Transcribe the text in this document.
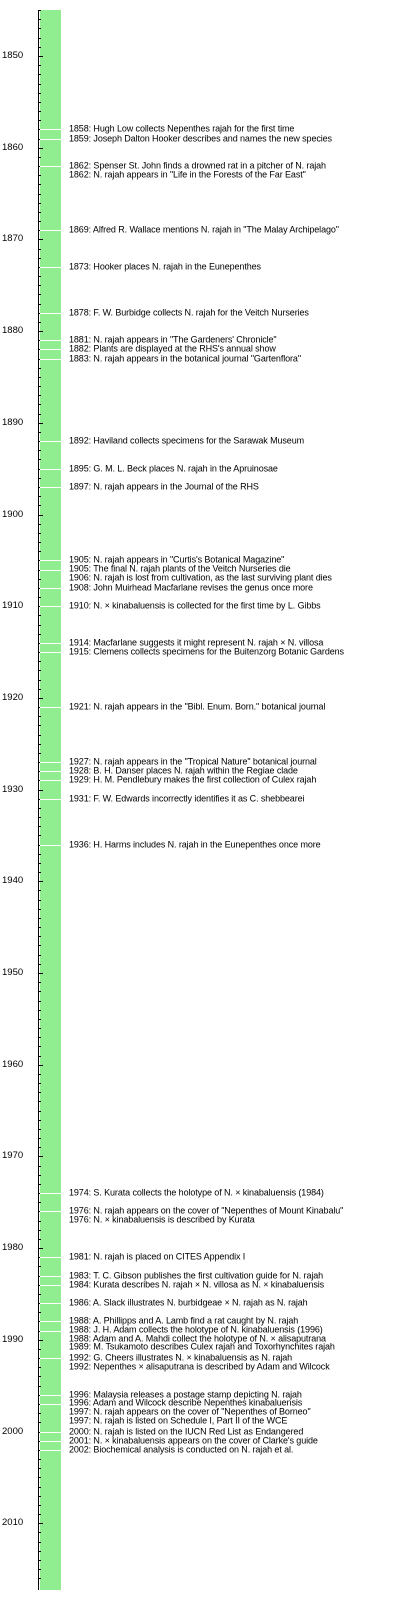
1850
1860
1870
1880
1890
1900
1910
1920
1930
1940
1950
1960
1970
1980
1990
2000
2010
1858: Hugh Low collects Nepenthes rajah for the first time
1859: Joseph Dalton Hooker describes and names the new species
1862: Spenser St. John finds a drowned rat in a pitcher of N. rajah
1862: N. rajah appears in "Life in the Forests of the Far East"
1869: Alfred R. Wallace mentions N. rajah in "The Malay Archipelago"
1873: Hooker places N. rajah in the Eunepenthes
1878: F. W. Burbidge collects N. rajah for the Veitch Nurseries
1881: N. rajah appears in "The Gardeners' Chronicle"
1882: Plants are displayed at the RHS's annual show
1883: N. rajah appears in the botanical journal "Gartenflora"
1892: Haviland collects specimens for the Sarawak Museum
1895: G. M. L. Beck places N. rajah in the Apruinosae
1897: N. rajah appears in the Journal of the RHS
1905: N. rajah appears in "Curtis's Botanical Magazine"
1905: The final N. rajah plants of the Veitch Nurseries die
1906: N. rajah is lost from cultivation, as the last surviving plant dies
1908: John Muirhead Macfarlane revises the genus once more
1910: N. × kinabaluensis is collected for the first time by L. Gibbs
1914: Macfarlane suggests it might represent N. rajah × N. villosa
1915: Clemens collects specimens for the Buitenzorg Botanic Gardens
1921: N. rajah appears in the "Bibl. Enum. Born." botanical journal
1927: N. rajah appears in the "Tropical Nature" botanical journal
1928: B. H. Danser places N. rajah within the Regiae clade
1929: H. M. Pendlebury makes the first collection of Culex rajah
1931: F. W. Edwards incorrectly identifies it as C. shebbearei
1936: H. Harms includes N. rajah in the Eunepenthes once more
1974: S. Kurata collects the holotype of N. × kinabaluensis (1984)
1976: N. rajah appears on the cover of "Nepenthes of Mount Kinabalu"
1976: N. × kinabaluensis is described by Kurata
1981: N. rajah is placed on CITES Appendix I
1983: T. C. Gibson publishes the first cultivation guide for N. rajah
1984: Kurata describes N. rajah × N. villosa as N. × kinabaluensis
1986: A. Slack illustrates N. burbidgeae × N. rajah as N. rajah
1988: A. Phillipps and A. Lamb find a rat caught by N. rajah
1988: J. H. Adam collects the holotype of N. kinabaluensis (1996)
1988: Adam and A. Mahdi collect the holotype of N. × alisaputrana
1989: M. Tsukamoto describes Culex rajah and Toxorhynchites rajah
1992: G. Cheers illustrates N. × kinabaluensis as N. rajah
1992: Nepenthes × alisaputrana is described by Adam and Wilcock
1996: Malaysia releases a postage stamp depicting N. rajah
1996: Adam and Wilcock describe Nepenthes kinabaluensis
1997: N. rajah appears on the cover of "Nepenthes of Borneo"
1997: N. rajah is listed on Schedule I, Part II of the WCE
2000: N. rajah is listed on the IUCN Red List as Endangered
2001: N. × kinabaluensis appears on the cover of Clarke's guide
2002: Biochemical analysis is conducted on N. rajah et al.
